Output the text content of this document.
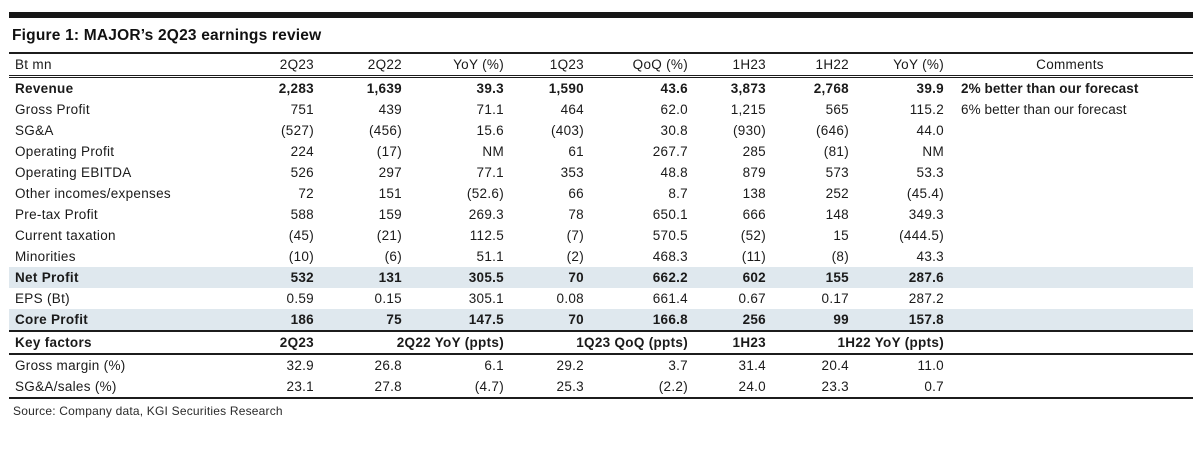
Figure 1: MAJOR’s 2Q23 earnings review
Bt mn	2Q23	2Q22	YoY (%)	1Q23	QoQ (%)	1H23	1H22	YoY (%)	Comments
Revenue	2,283	1,639	39.3	1,590	43.6	3,873	2,768	39.9	2% better than our forecast
Gross Profit	751	439	71.1	464	62.0	1,215	565	115.2	6% better than our forecast
SG&A	(527)	(456)	15.6	(403)	30.8	(930)	(646)	44.0	
Operating Profit	224	(17)	NM	61	267.7	285	(81)	NM	
Operating EBITDA	526	297	77.1	353	48.8	879	573	53.3	
Other incomes/expenses	72	151	(52.6)	66	8.7	138	252	(45.4)	
Pre-tax Profit	588	159	269.3	78	650.1	666	148	349.3	
Current taxation	(45)	(21)	112.5	(7)	570.5	(52)	15	(444.5)	
Minorities	(10)	(6)	51.1	(2)	468.3	(11)	(8)	43.3	
Net Profit	532	131	305.5	70	662.2	602	155	287.6	
EPS (Bt)	0.59	0.15	305.1	0.08	661.4	0.67	0.17	287.2	
Core Profit	186	75	147.5	70	166.8	256	99	157.8	
Key factors	2Q23	2Q22 YoY (ppts)		1Q23 QoQ (ppts)		1H23	1H22 YoY (ppts)		
Gross margin (%)	32.9	26.8	6.1	29.2	3.7	31.4	20.4	11.0	
SG&A/sales (%)	23.1	27.8	(4.7)	25.3	(2.2)	24.0	23.3	0.7	
Source: Company data, KGI Securities Research
